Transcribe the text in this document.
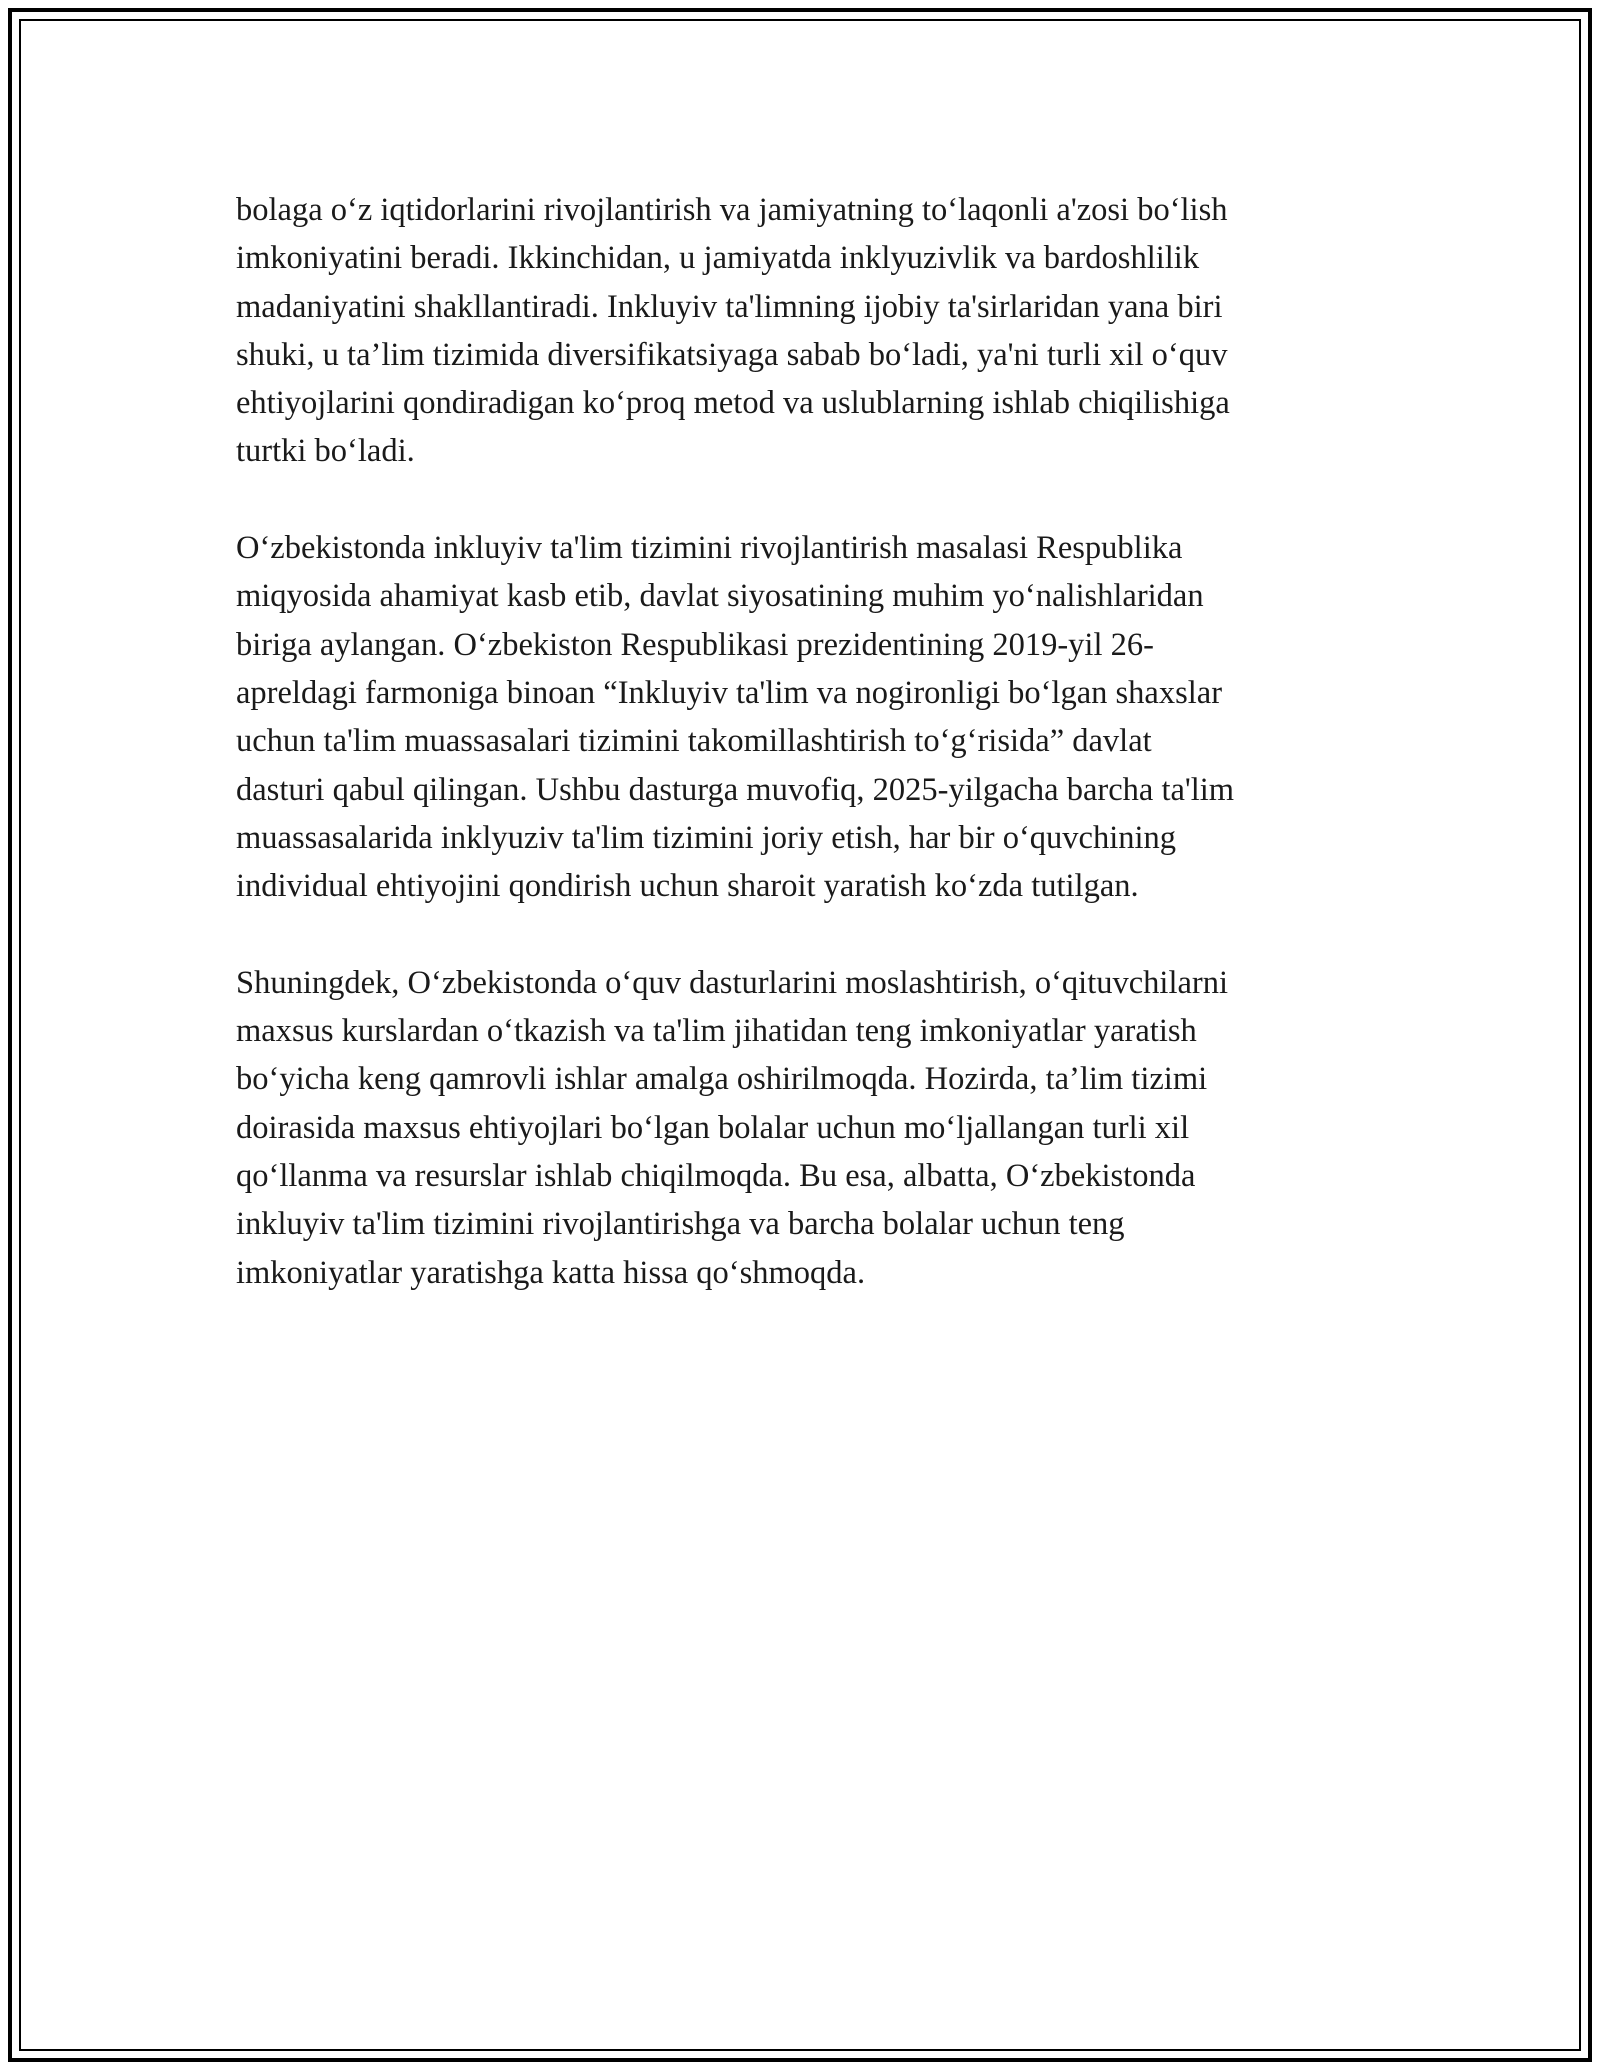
bolaga o‘z iqtidorlarini rivojlantirish va jamiyatning to‘laqonli a'zosi bo‘lish
imkoniyatini beradi. Ikkinchidan, u jamiyatda inklyuzivlik va bardoshlilik
madaniyatini shakllantiradi. Inkluyiv ta'limning ijobiy ta'sirlaridan yana biri
shuki, u ta’lim tizimida diversifikatsiyaga sabab bo‘ladi, ya'ni turli xil o‘quv
ehtiyojlarini qondiradigan ko‘proq metod va uslublarning ishlab chiqilishiga
turtki bo‘ladi.

O‘zbekistonda inkluyiv ta'lim tizimini rivojlantirish masalasi Respublika
miqyosida ahamiyat kasb etib, davlat siyosatining muhim yo‘nalishlaridan
biriga aylangan. O‘zbekiston Respublikasi prezidentining 2019-yil 26-
apreldagi farmoniga binoan “Inkluyiv ta'lim va nogironligi bo‘lgan shaxslar
uchun ta'lim muassasalari tizimini takomillashtirish to‘g‘risida” davlat
dasturi qabul qilingan. Ushbu dasturga muvofiq, 2025-yilgacha barcha ta'lim
muassasalarida inklyuziv ta'lim tizimini joriy etish, har bir o‘quvchining
individual ehtiyojini qondirish uchun sharoit yaratish ko‘zda tutilgan.

Shuningdek, O‘zbekistonda o‘quv dasturlarini moslashtirish, o‘qituvchilarni
maxsus kurslardan o‘tkazish va ta'lim jihatidan teng imkoniyatlar yaratish
bo‘yicha keng qamrovli ishlar amalga oshirilmoqda. Hozirda, ta’lim tizimi
doirasida maxsus ehtiyojlari bo‘lgan bolalar uchun mo‘ljallangan turli xil
qo‘llanma va resurslar ishlab chiqilmoqda. Bu esa, albatta, O‘zbekistonda
inkluyiv ta'lim tizimini rivojlantirishga va barcha bolalar uchun teng
imkoniyatlar yaratishga katta hissa qo‘shmoqda.
